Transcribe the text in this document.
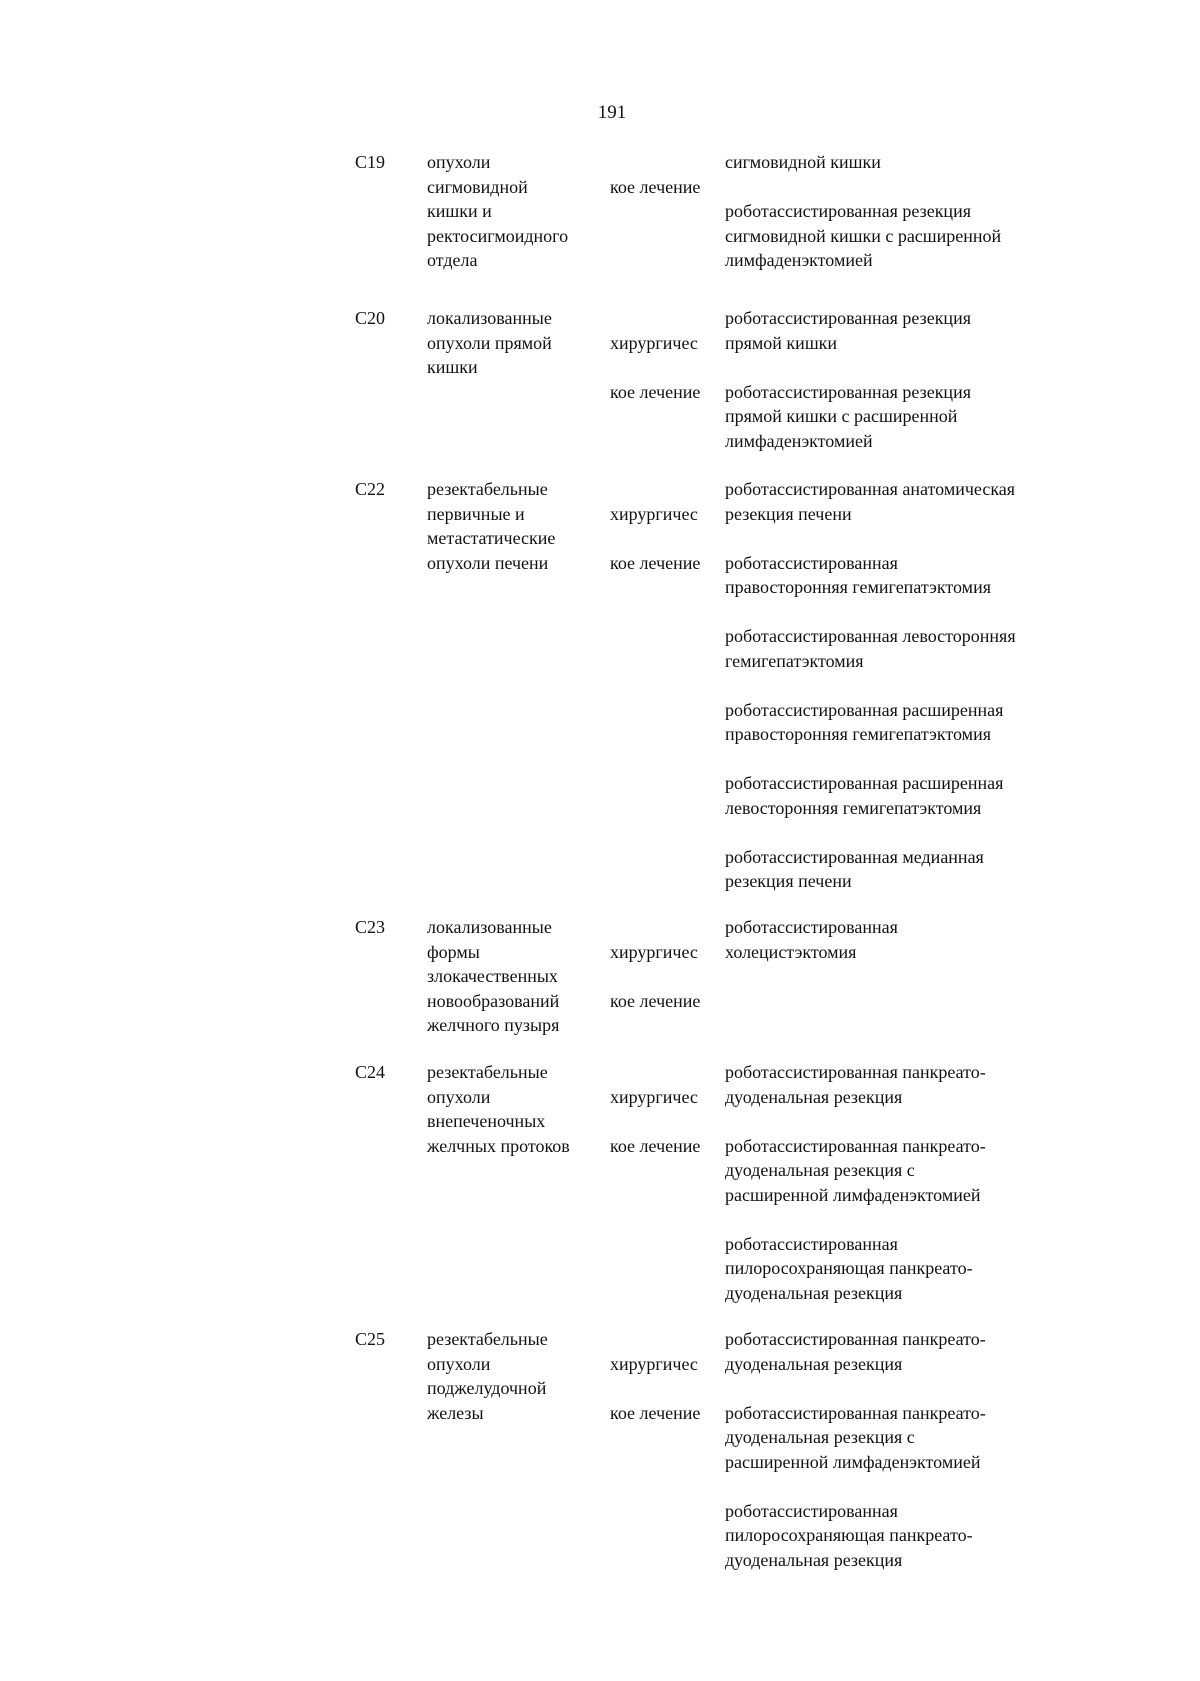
191
C19 опухоли
сигмовидной
кишки и
ректосигмоидного
отдела

кое лечение

сигмовидной кишки
роботассистированная резекция
сигмовидной кишки с расширенной
лимфаденэктомией
C20 локализованные
опухоли прямой
кишки

хирургичес

кое лечение

роботассистированная резекция
прямой кишки
роботассистированная резекция
прямой кишки с расширенной
лимфаденэктомией
C22 резектабельные
первичные и
метастатические
опухоли печени

хирургичес

кое лечение

роботассистированная анатомическая
резекция печени
роботассистированная
правосторонняя гемигепатэктомия
роботассистированная левосторонняя
гемигепатэктомия
роботассистированная расширенная
правосторонняя гемигепатэктомия
роботассистированная расширенная
левосторонняя гемигепатэктомия
роботассистированная медианная
резекция печени
C23 локализованные
формы
злокачественных
новообразований
желчного пузыря

хирургичес

кое лечение

роботассистированная
холецистэктомия
C24 резектабельные
опухоли
внепеченочных
желчных протоков

хирургичес

кое лечение

роботассистированная панкреато-
дуоденальная резекция
роботассистированная панкреато-
дуоденальная резекция с
расширенной лимфаденэктомией
роботассистированная
пилоросохраняющая панкреато-
дуоденальная резекция
C25 резектабельные
опухоли
поджелудочной
железы

хирургичес

кое лечение

роботассистированная панкреато-
дуоденальная резекция
роботассистированная панкреато-
дуоденальная резекция с
расширенной лимфаденэктомией
роботассистированная
пилоросохраняющая панкреато-
дуоденальная резекция
